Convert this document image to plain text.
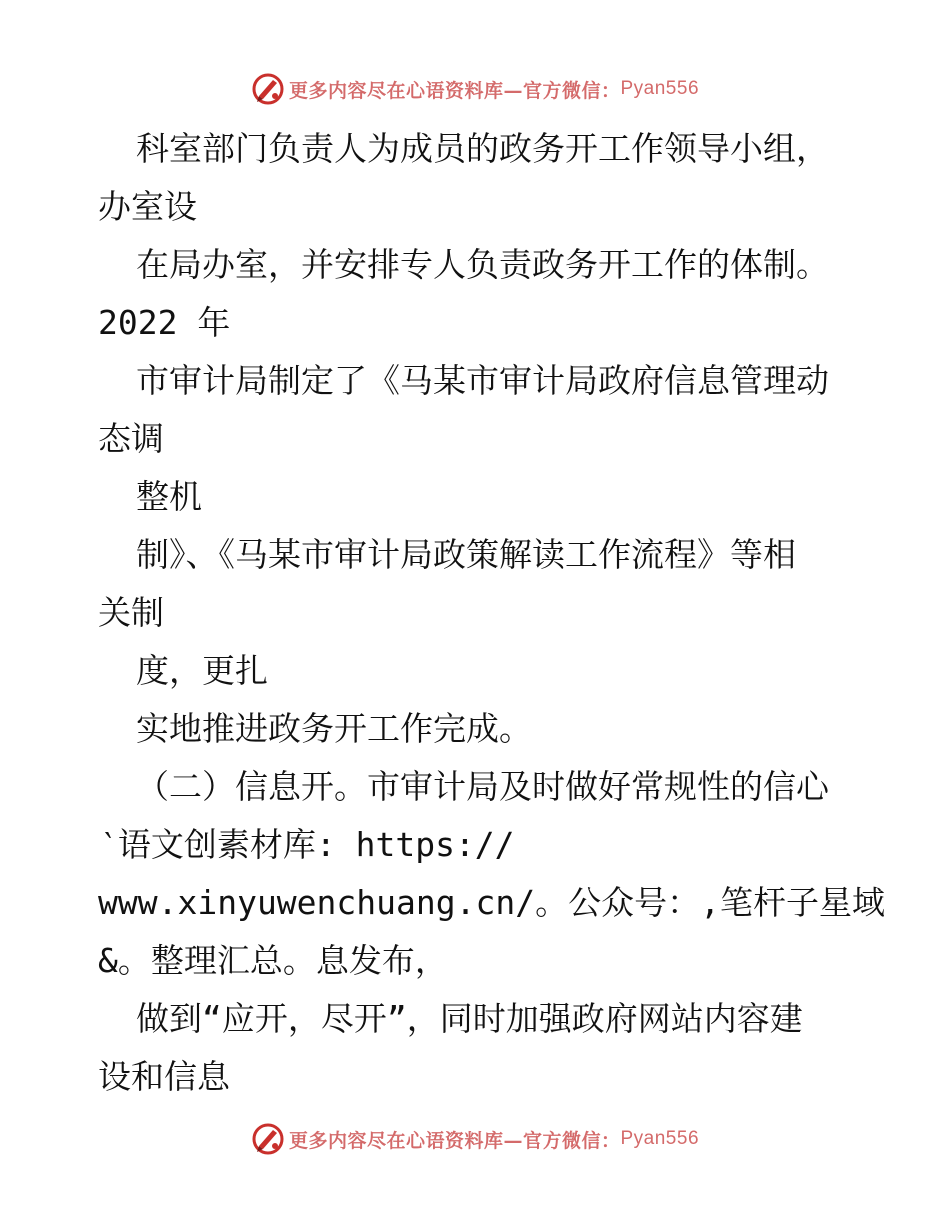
更多内容尽在心语资料库—官方微信： Pyan556
科室部门负责人为成员的政务开工作领导小组，
办室设
在局办室，并安排专人负责政务开工作的体制。
2022 年
市审计局制定了《马某市审计局政府信息管理动
态调
整机
制》、《马某市审计局政策解读工作流程》等相
关制
度，更扎
实地推进政务开工作完成。
（二）信息开。市审计局及时做好常规性的信心
‵语文创素材库: https://
www.xinyuwenchuang.cn/。公众号：,笔杆子星域
&。整理汇总。息发布，
做到“应开，尽开”，同时加强政府网站内容建
设和信息
更多内容尽在心语资料库—官方微信： Pyan556
